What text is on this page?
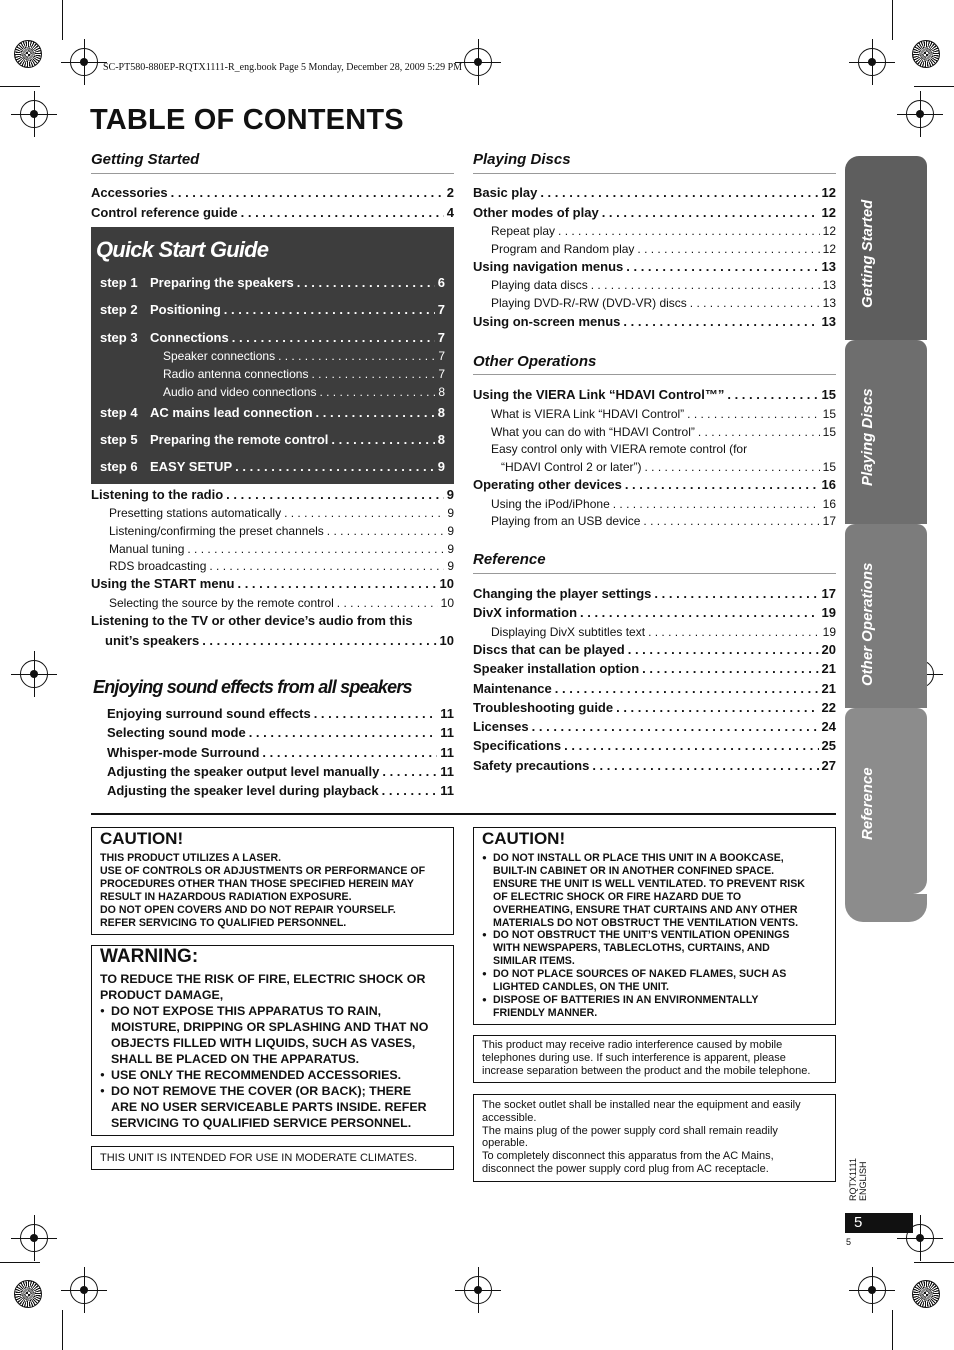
SC-PT580-880EP-RQTX1111-R_eng.book Page 5 Monday, December 28, 2009 5:29 PM
TABLE OF CONTENTS
Getting Started
Accessories . . .	2
Control reference guide . . .	4
Quick Start Guide
step 1 Preparing the speakers . . .	6
step 2 Positioning . . .	7
step 3 Connections . . .	7
Speaker connections . . .	7
Radio antenna connections . . .	7
Audio and video connections . . .	8
step 4 AC mains lead connection . . .	8
step 5 Preparing the remote control . . .	8
step 6 EASY SETUP . . .	9
Listening to the radio . . .	9
Presetting stations automatically . . .	9
Listening/confirming the preset channels . . .	9
Manual tuning . . .	9
RDS broadcasting . . .	9
Using the START menu . . .	10
Selecting the source by the remote control . . .	10
Listening to the TV or other device’s audio from this
unit’s speakers . . .	10
Enjoying sound effects from all speakers
Enjoying surround sound effects . . .	11
Selecting sound mode . . .	11
Whisper-mode Surround . . .	11
Adjusting the speaker output level manually . . .	11
Adjusting the speaker level during playback . . .	11
Playing Discs
Basic play . . .	12
Other modes of play . . .	12
Repeat play . . .	12
Program and Random play . . .	12
Using navigation menus . . .	13
Playing data discs . . .	13
Playing DVD-R/-RW (DVD-VR) discs . . .	13
Using on-screen menus . . .	13
Other Operations
Using the VIERA Link “HDAVI Control™” . . .	15
What is VIERA Link “HDAVI Control” . . .	15
What you can do with “HDAVI Control” . . .	15
Easy control only with VIERA remote control (for
“HDAVI Control 2 or later”) . . .	15
Operating other devices . . .	16
Using the iPod/iPhone . . .	16
Playing from an USB device . . .	17
Reference
Changing the player settings . . .	17
DivX information . . .	19
Displaying DivX subtitles text . . .	19
Discs that can be played . . .	20
Speaker installation option . . .	21
Maintenance . . .	21
Troubleshooting guide . . .	22
Licenses . . .	24
Specifications . . .	25
Safety precautions . . .	27
Getting Started
Playing Discs
Other Operations
Reference
CAUTION!
THIS PRODUCT UTILIZES A LASER.
USE OF CONTROLS OR ADJUSTMENTS OR PERFORMANCE OF
PROCEDURES OTHER THAN THOSE SPECIFIED HEREIN MAY
RESULT IN HAZARDOUS RADIATION EXPOSURE.
DO NOT OPEN COVERS AND DO NOT REPAIR YOURSELF.
REFER SERVICING TO QUALIFIED PERSONNEL.
WARNING:
TO REDUCE THE RISK OF FIRE, ELECTRIC SHOCK OR
PRODUCT DAMAGE,
● DO NOT EXPOSE THIS APPARATUS TO RAIN,
MOISTURE, DRIPPING OR SPLASHING AND THAT NO
OBJECTS FILLED WITH LIQUIDS, SUCH AS VASES,
SHALL BE PLACED ON THE APPARATUS.
● USE ONLY THE RECOMMENDED ACCESSORIES.
● DO NOT REMOVE THE COVER (OR BACK); THERE
ARE NO USER SERVICEABLE PARTS INSIDE. REFER
SERVICING TO QUALIFIED SERVICE PERSONNEL.
THIS UNIT IS INTENDED FOR USE IN MODERATE CLIMATES.
CAUTION!
● DO NOT INSTALL OR PLACE THIS UNIT IN A BOOKCASE,
BUILT-IN CABINET OR IN ANOTHER CONFINED SPACE.
ENSURE THE UNIT IS WELL VENTILATED. TO PREVENT RISK
OF ELECTRIC SHOCK OR FIRE HAZARD DUE TO
OVERHEATING, ENSURE THAT CURTAINS AND ANY OTHER
MATERIALS DO NOT OBSTRUCT THE VENTILATION VENTS.
● DO NOT OBSTRUCT THE UNIT’S VENTILATION OPENINGS
WITH NEWSPAPERS, TABLECLOTHS, CURTAINS, AND
SIMILAR ITEMS.
● DO NOT PLACE SOURCES OF NAKED FLAMES, SUCH AS
LIGHTED CANDLES, ON THE UNIT.
● DISPOSE OF BATTERIES IN AN ENVIRONMENTALLY
FRIENDLY MANNER.
This product may receive radio interference caused by mobile
telephones during use. If such interference is apparent, please
increase separation between the product and the mobile telephone.
The socket outlet shall be installed near the equipment and easily
accessible.
The mains plug of the power supply cord shall remain readily
operable.
To completely disconnect this apparatus from the AC Mains,
disconnect the power supply cord plug from AC receptacle.	RQTX1111 ENGLISH
5
5
